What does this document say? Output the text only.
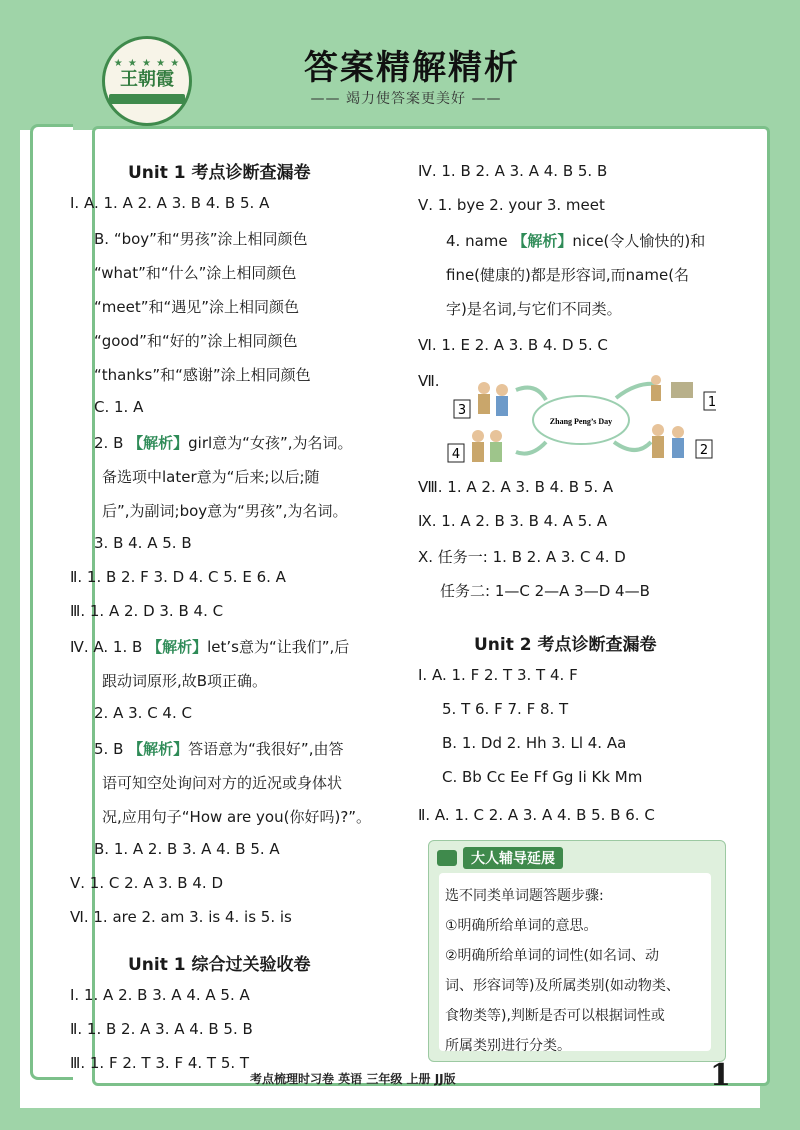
★ ★ ★ ★ ★
王朝霞	答案精解精析
—— 竭力使答案更美好 ——
Unit 1 考点诊断查漏卷
Ⅰ. A. 1. A 2. A 3. B 4. B 5. A
B. “boy”和“男孩”涂上相同颜色
“what”和“什么”涂上相同颜色
“meet”和“遇见”涂上相同颜色
“good”和“好的”涂上相同颜色
“thanks”和“感谢”涂上相同颜色
C. 1. A
2. B 【解析】girl意为“女孩”,为名词。
备选项中later意为“后来;以后;随
后”,为副词;boy意为“男孩”,为名词。
3. B 4. A 5. B
Ⅱ. 1. B 2. F 3. D 4. C 5. E 6. A
Ⅲ. 1. A 2. D 3. B 4. C
Ⅳ. A. 1. B 【解析】let’s意为“让我们”,后
跟动词原形,故B项正确。
2. A 3. C 4. C
5. B 【解析】答语意为“我很好”,由答
语可知空处询问对方的近况或身体状
况,应用句子“How are you(你好吗)?”。
B. 1. A 2. B 3. A 4. B 5. A
Ⅴ. 1. C 2. A 3. B 4. D
Ⅵ. 1. are 2. am 3. is 4. is 5. is
Unit 1 综合过关验收卷
Ⅰ. 1. A 2. B 3. A 4. A 5. A
Ⅱ. 1. B 2. A 3. A 4. B 5. B
Ⅲ. 1. F 2. T 3. F 4. T 5. T
Ⅳ. 1. B 2. A 3. A 4. B 5. B
Ⅴ. 1. bye 2. your 3. meet
4. name 【解析】nice(令人愉快的)和
fine(健康的)都是形容词,而name(名
字)是名词,与它们不同类。
Ⅵ. 1. E 2. A 3. B 4. D 5. C
Ⅶ.
Ⅷ. 1. A 2. A 3. B 4. B 5. A
Ⅸ. 1. A 2. B 3. B 4. A 5. A
Ⅹ. 任务一: 1. B 2. A 3. C 4. D
任务二: 1—C 2—A 3—D 4—B
Unit 2 考点诊断查漏卷
Ⅰ. A. 1. F 2. T 3. T 4. F
5. T 6. F 7. F 8. T
B. 1. Dd 2. Hh 3. Ll 4. Aa
C. Bb Cc Ee Ff Gg Ii Kk Mm
Ⅱ. A. 1. C 2. A 3. A 4. B 5. B 6. C
Zhang Peng’s Day
3
1
4	2
大人辅导延展
选不同类单词题答题步骤:
①明确所给单词的意思。
②明确所给单词的词性(如名词、动
词、形容词等)及所属类别(如动物类、
食物类等),判断是否可以根据词性或
所属类别进行分类。
考点梳理时习卷 英语 三年级 上册 JJ版	1
